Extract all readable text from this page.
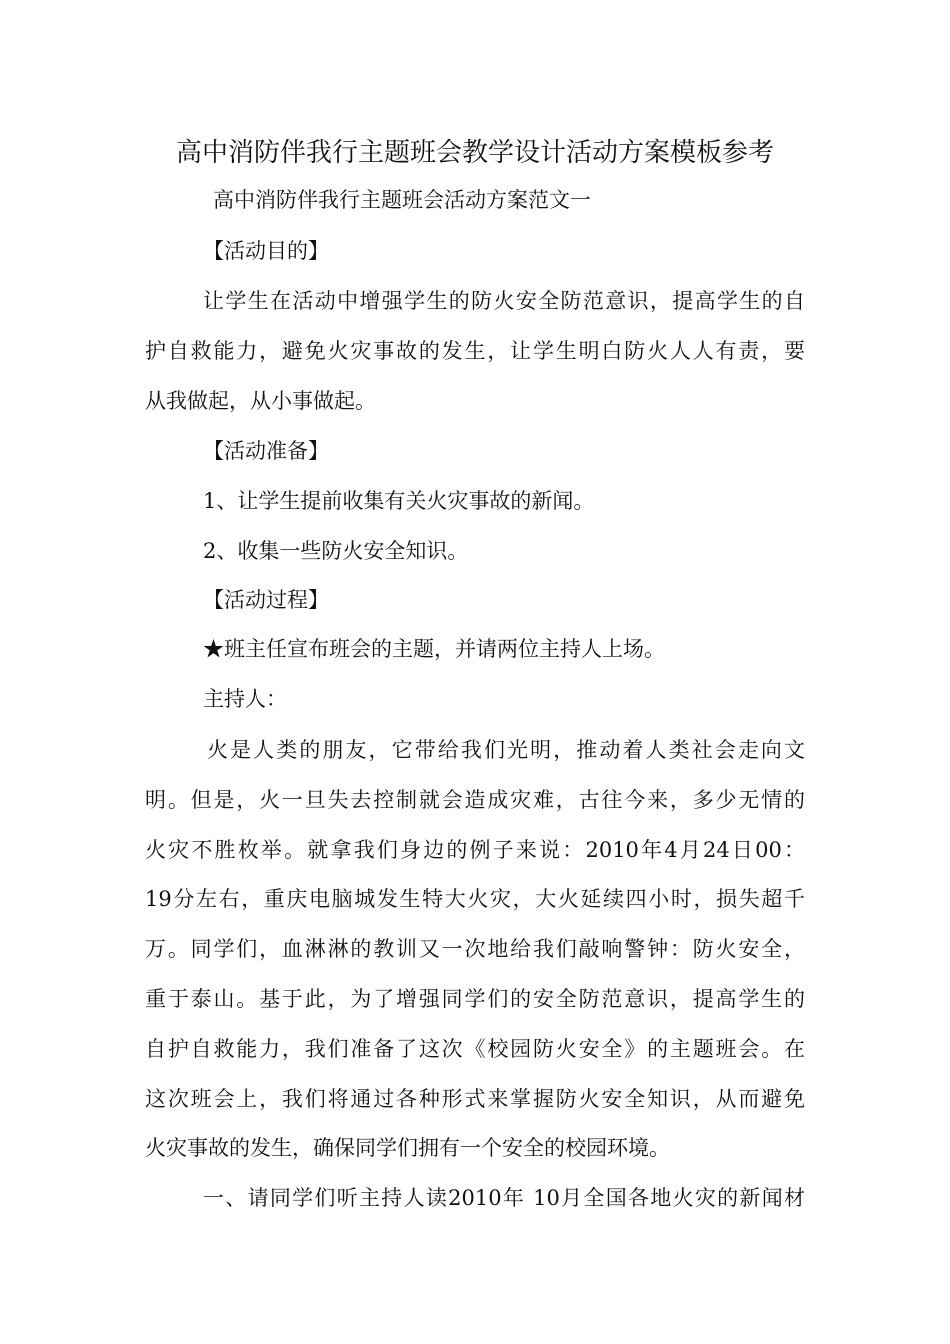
高中消防伴我行主题班会教学设计活动方案模板参考
高中消防伴我行主题班会活动方案范文一
【活动目的】
让学生在活动中增强学生的防火安全防范意识，提高学生的自
护自救能力，避免火灾事故的发生，让学生明白防火人人有责，要
从我做起，从小事做起。
【活动准备】
1、让学生提前收集有关火灾事故的新闻。
2、收集一些防火安全知识。
【活动过程】
★班主任宣布班会的主题，并请两位主持人上场。
主持人：
火是人类的朋友，它带给我们光明，推动着人类社会走向文
明。但是，火一旦失去控制就会造成灾难，古往今来，多少无情的
火灾不胜枚举。就拿我们身边的例子来说：2010年4月24日00：
19分左右，重庆电脑城发生特大火灾，大火延续四小时，损失超千
万。同学们，血淋淋的教训又一次地给我们敲响警钟：防火安全，
重于泰山。基于此，为了增强同学们的安全防范意识，提高学生的
自护自救能力，我们准备了这次《校园防火安全》的主题班会。在
这次班会上，我们将通过各种形式来掌握防火安全知识，从而避免
火灾事故的发生，确保同学们拥有一个安全的校园环境。
一、请同学们听主持人读2010年 10月全国各地火灾的新闻材
